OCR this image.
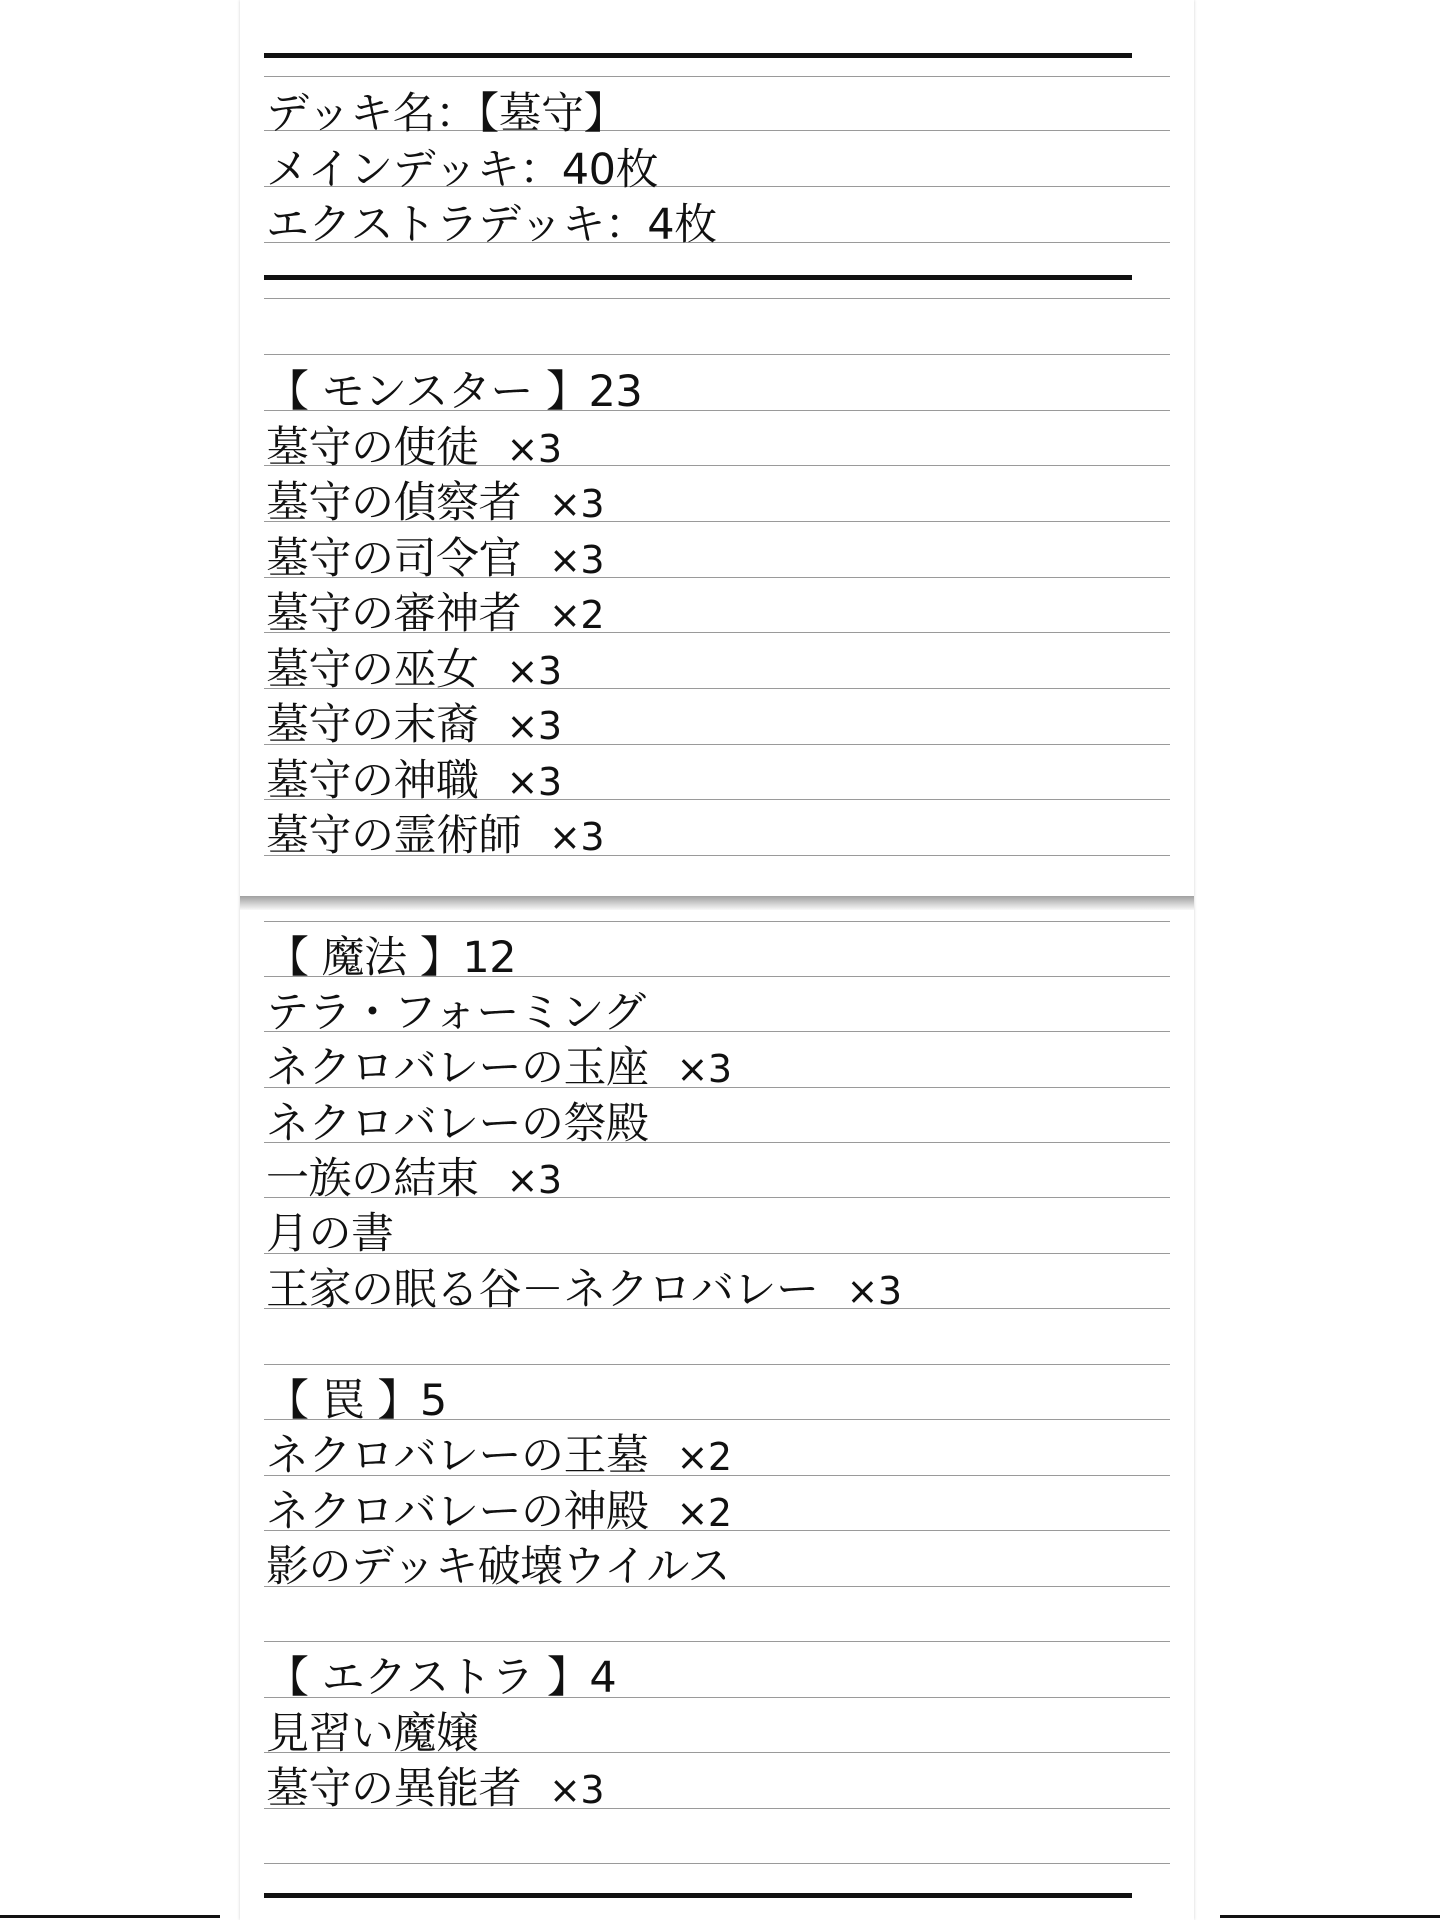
デッキ名：【墓守】
メインデッキ：40枚
エクストラデッキ：4枚
【 モンスター 】23
墓守の使徒 ×3
墓守の偵察者 ×3
墓守の司令官 ×3
墓守の審神者 ×2
墓守の巫女 ×3
墓守の末裔 ×3
墓守の神職 ×3
墓守の霊術師 ×3
【 魔法 】12
テラ・フォーミング
ネクロバレーの玉座 ×3
ネクロバレーの祭殿
一族の結束 ×3
月の書
王家の眠る谷－ネクロバレー ×3
【 罠 】5
ネクロバレーの王墓 ×2
ネクロバレーの神殿 ×2
影のデッキ破壊ウイルス
【 エクストラ 】4
見習い魔嬢
墓守の異能者 ×3
